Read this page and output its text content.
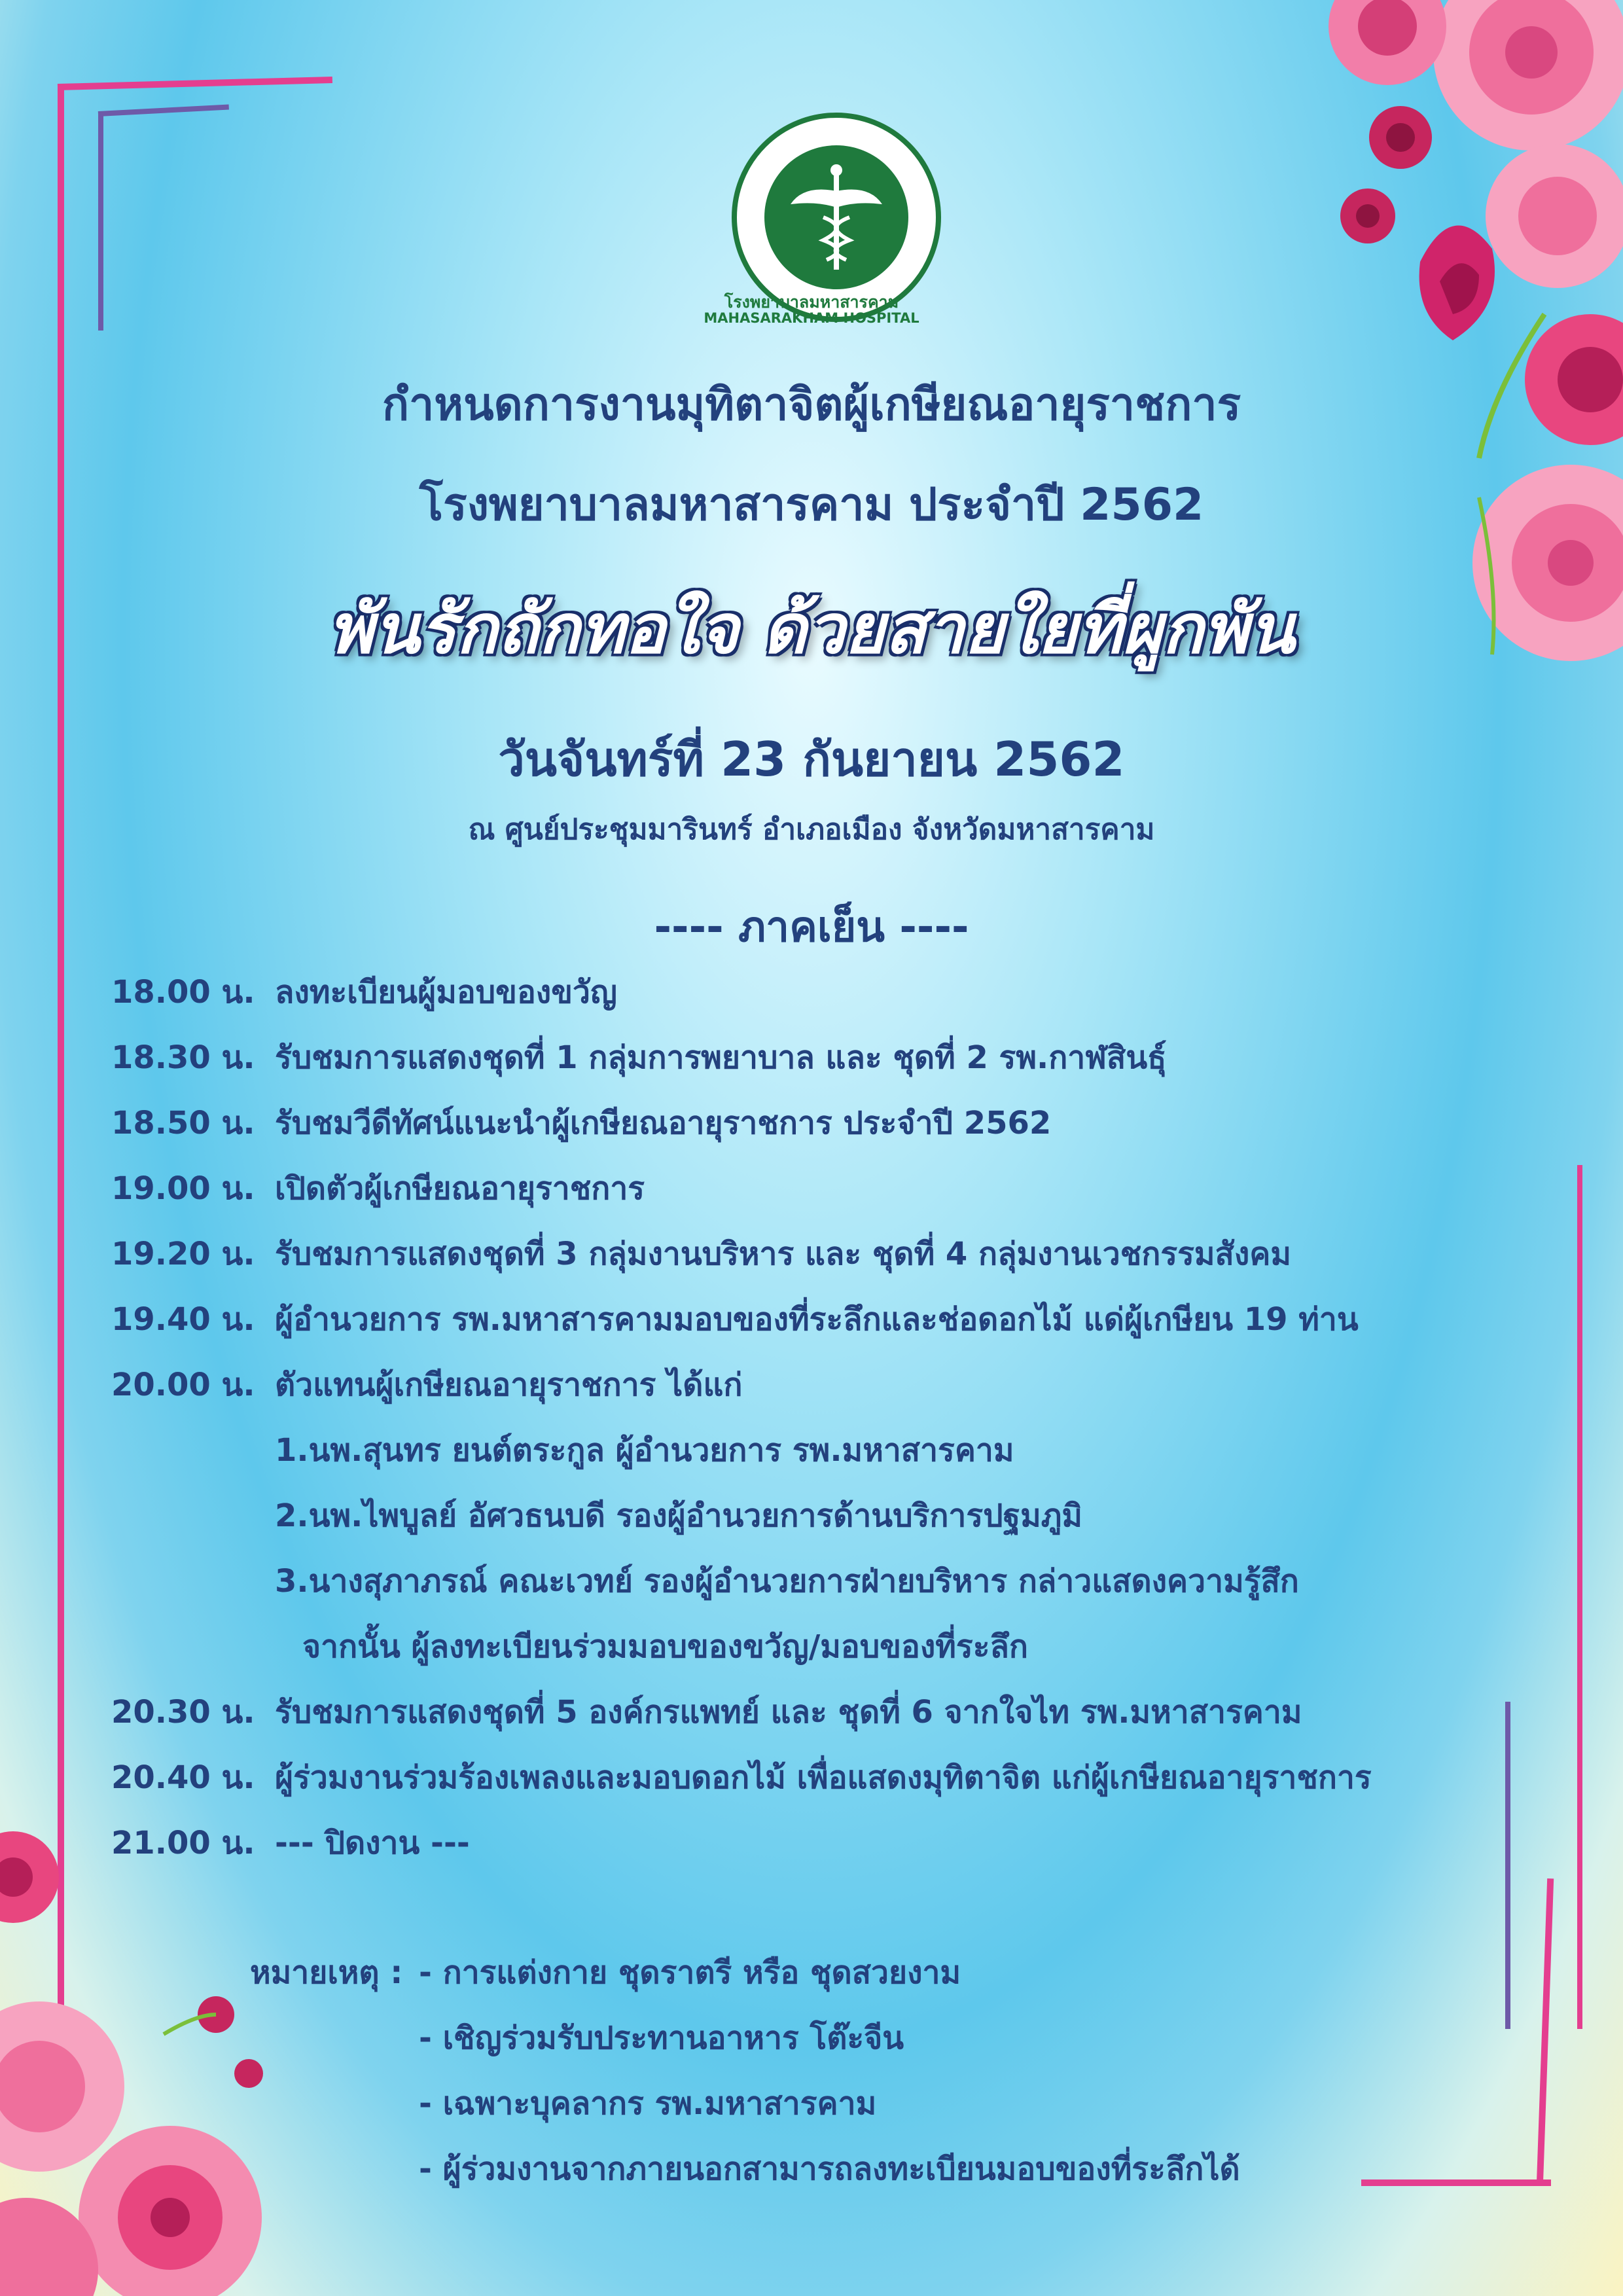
โรงพยาบาลมหาสารคาม
MAHASARAKHAM HOSPITAL
กำหนดการงานมุทิตาจิตผู้เกษียณอายุราชการ
โรงพยาบาลมหาสารคาม ประจำปี 2562
พันรักถักทอใจ ด้วยสายใยที่ผูกพัน
วันจันทร์ที่ 23 กันยายน 2562
ณ ศูนย์ประชุมมารินทร์ อำเภอเมือง จังหวัดมหาสารคาม
---- ภาคเย็น ----
18.00 น. ลงทะเบียนผู้มอบของขวัญ
18.30 น. รับชมการแสดงชุดที่ 1 กลุ่มการพยาบาล และ ชุดที่ 2 รพ.กาฬสินธุ์
18.50 น. รับชมวีดีทัศน์แนะนำผู้เกษียณอายุราชการ ประจำปี 2562
19.00 น. เปิดตัวผู้เกษียณอายุราชการ
19.20 น. รับชมการแสดงชุดที่ 3 กลุ่มงานบริหาร และ ชุดที่ 4 กลุ่มงานเวชกรรมสังคม
19.40 น. ผู้อำนวยการ รพ.มหาสารคามมอบของที่ระลึกและช่อดอกไม้ แด่ผู้เกษียน 19 ท่าน
20.00 น. ตัวแทนผู้เกษียณอายุราชการ ได้แก่
1.นพ.สุนทร ยนต์ตระกูล ผู้อำนวยการ รพ.มหาสารคาม
2.นพ.ไพบูลย์ อัศวธนบดี รองผู้อำนวยการด้านบริการปฐมภูมิ
3.นางสุภาภรณ์ คณะเวทย์ รองผู้อำนวยการฝ่ายบริหาร กล่าวแสดงความรู้สึก
จากนั้น ผู้ลงทะเบียนร่วมมอบของขวัญ/มอบของที่ระลึก
20.30 น. รับชมการแสดงชุดที่ 5 องค์กรแพทย์ และ ชุดที่ 6 จากใจไท รพ.มหาสารคาม
20.40 น. ผู้ร่วมงานร่วมร้องเพลงและมอบดอกไม้ เพื่อแสดงมุทิตาจิต แก่ผู้เกษียณอายุราชการ
21.00 น. --- ปิดงาน ---
หมายเหตุ : - การแต่งกาย ชุดราตรี หรือ ชุดสวยงาม
- เชิญร่วมรับประทานอาหาร โต๊ะจีน
- เฉพาะบุคลากร รพ.มหาสารคาม
- ผู้ร่วมงานจากภายนอกสามารถลงทะเบียนมอบของที่ระลึกได้
